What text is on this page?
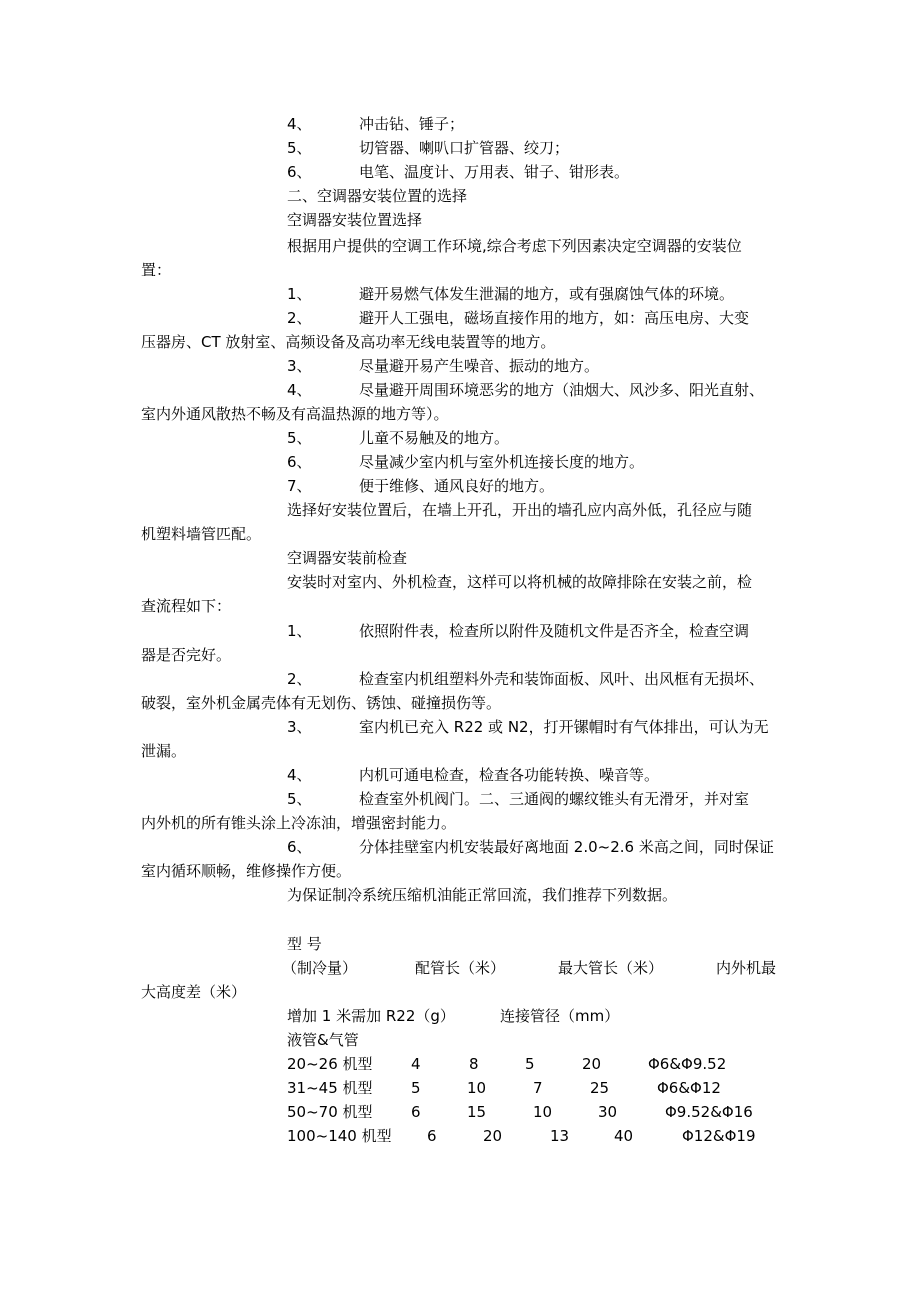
4、	冲击钻、锤子；
5、	切管器、喇叭口扩管器、绞刀；
6、	电笔、温度计、万用表、钳子、钳形表。
二、空调器安装位置的选择
空调器安装位置选择
根据用户提供的空调工作环境,综合考虑下列因素决定空调器的安装位
置：
1、	避开易燃气体发生泄漏的地方，或有强腐蚀气体的环境。
2、	避开人工强电，磁场直接作用的地方，如：高压电房、大变
压器房、CT 放射室、高频设备及高功率无线电装置等的地方。
3、	尽量避开易产生噪音、振动的地方。
4、	尽量避开周围环境恶劣的地方（油烟大、风沙多、阳光直射、
室内外通风散热不畅及有高温热源的地方等）。
5、	儿童不易触及的地方。
6、	尽量减少室内机与室外机连接长度的地方。
7、	便于维修、通风良好的地方。
选择好安装位置后，在墙上开孔，开出的墙孔应内高外低，孔径应与随
机塑料墙管匹配。
空调器安装前检查
安装时对室内、外机检查，这样可以将机械的故障排除在安装之前，检
查流程如下：
1、	依照附件表，检查所以附件及随机文件是否齐全，检查空调
器是否完好。
2、	检查室内机组塑料外壳和装饰面板、风叶、出风框有无损坏、
破裂，室外机金属壳体有无划伤、锈蚀、碰撞损伤等。
3、	室内机已充入 R22 或 N2，打开镙帽时有气体排出，可认为无
泄漏。
4、	内机可通电检查，检查各功能转换、噪音等。
5、	检查室外机阀门。二、三通阀的螺纹锥头有无滑牙，并对室
内外机的所有锥头涂上冷冻油，增强密封能力。
6、	分体挂壁室内机安装最好离地面 2.0~2.6 米高之间，同时保证
室内循环顺畅，维修操作方便。
为保证制冷系统压缩机油能正常回流，我们推荐下列数据。
型 号
（制冷量）	配管长（米）	最大管长（米）	内外机最
大高度差（米）
增加 1 米需加 R22（g）	连接管径（mm）
液管&气管
20~26 机型	4	8	5	20	Φ6&Φ9.52
31~45 机型	5	10	7	25	Φ6&Φ12
50~70 机型	6	15	10	30	Φ9.52&Φ16
100~140 机型 6	20	13	40	Φ12&Φ19
